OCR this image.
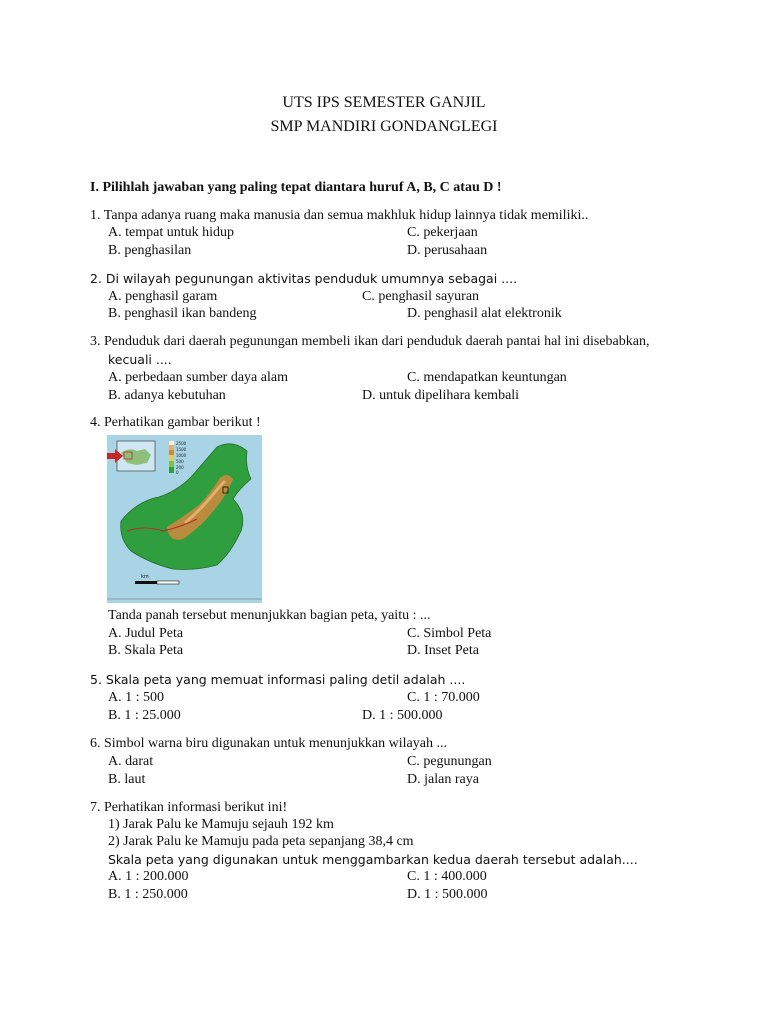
UTS IPS SEMESTER GANJIL
SMP MANDIRI GONDANGLEGI
I. Pilihlah jawaban yang paling tepat diantara huruf A, B, C atau D !
1. Tanpa adanya ruang maka manusia dan semua makhluk hidup lainnya tidak memiliki..
A. tempat untuk hidup	C. pekerjaan
B. penghasilan	D. perusahaan
2. Di wilayah pegunungan aktivitas penduduk umumnya sebagai ....
A. penghasil garam	C. penghasil sayuran
B. penghasil ikan bandeng	D. penghasil alat elektronik
3. Penduduk dari daerah pegunungan membeli ikan dari penduduk daerah pantai hal ini disebabkan,
kecuali ....
A. perbedaan sumber daya alam	C. mendapatkan keuntungan
B. adanya kebutuhan	D. untuk dipelihara kembali
4. Perhatikan gambar berikut !
2500
1500
1000
500
200
0
km
Tanda panah tersebut menunjukkan bagian peta, yaitu : ...
A. Judul Peta	C. Simbol Peta
B. Skala Peta	D. Inset Peta
5. Skala peta yang memuat informasi paling detil adalah ....
A. 1 : 500	C. 1 : 70.000
B. 1 : 25.000	D. 1 : 500.000
6. Simbol warna biru digunakan untuk menunjukkan wilayah ...
A. darat	C. pegunungan
B. laut	D. jalan raya
7. Perhatikan informasi berikut ini!
1) Jarak Palu ke Mamuju sejauh 192 km
2) Jarak Palu ke Mamuju pada peta sepanjang 38,4 cm
Skala peta yang digunakan untuk menggambarkan kedua daerah tersebut adalah....
A. 1 : 200.000	C. 1 : 400.000
B. 1 : 250.000	D. 1 : 500.000
